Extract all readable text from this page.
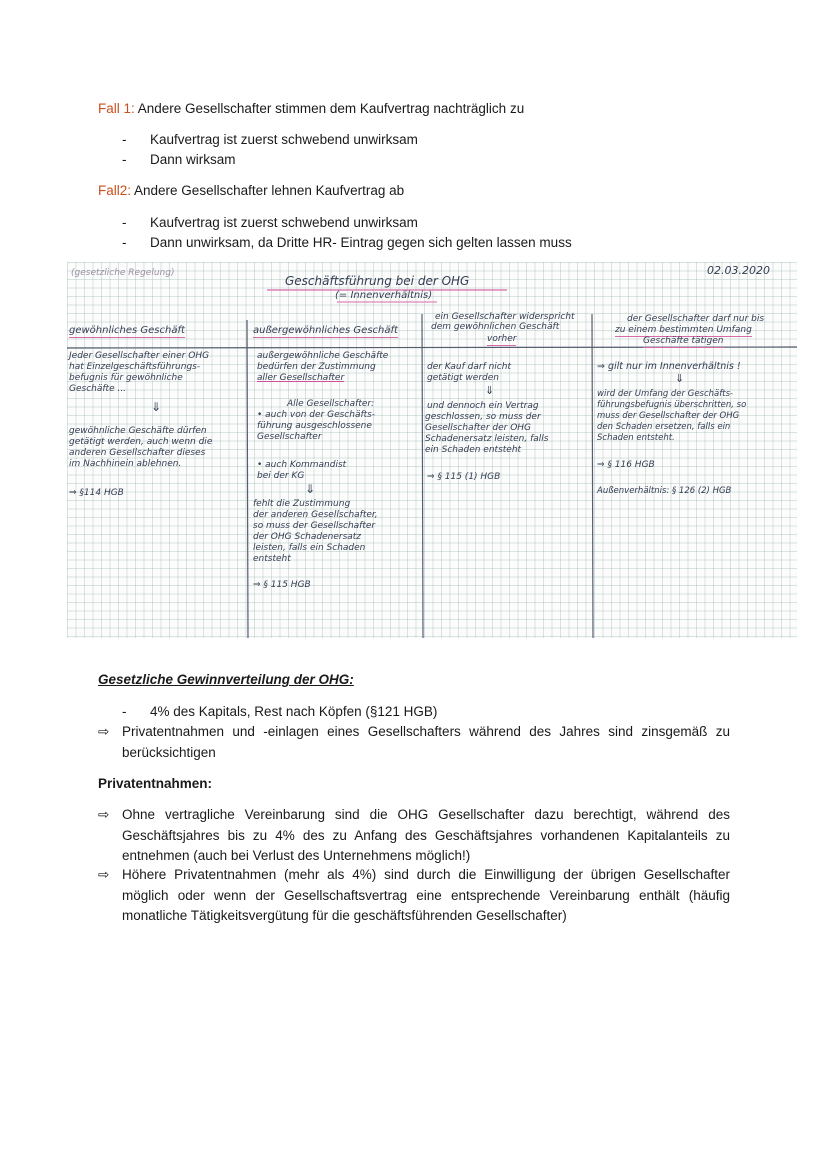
Fall 1: Andere Gesellschafter stimmen dem Kaufvertrag nachträglich zu
- Kaufvertrag ist zuerst schwebend unwirksam
- Dann wirksam
Fall2: Andere Gesellschafter lehnen Kaufvertrag ab
- Kaufvertrag ist zuerst schwebend unwirksam
- Dann unwirksam, da Dritte HR- Eintrag gegen sich gelten lassen muss
(gesetzliche Regelung)	02.03.2020
Geschäftsführung bei der OHG
(= Innenverhältnis)
gewöhnliches Geschäft	außergewöhnliches Geschäft
ein Gesellschafter widerspricht
dem gewöhnlichen Geschäft
vorher
der Gesellschafter darf nur bis
zu einem bestimmten Umfang
Geschäfte tätigen
Jeder Gesellschafter einer OHG
hat Einzelgeschäftsführungs-
befugnis für gewöhnliche
Geschäfte ...
⇓
gewöhnliche Geschäfte dürfen
getätigt werden, auch wenn die
anderen Gesellschafter dieses
im Nachhinein ablehnen.
⇒ §114 HGB
außergewöhnliche Geschäfte
bedürfen der Zustimmung
aller Gesellschafter
Alle Gesellschafter:
• auch von der Geschäfts-
führung ausgeschlossene
Gesellschafter
• auch Kommandist
bei der KG
⇓
fehlt die Zustimmung
der anderen Gesellschafter,
so muss der Gesellschafter
der OHG Schadenersatz
leisten, falls ein Schaden
entsteht
⇒ § 115 HGB
der Kauf darf nicht
getätigt werden
⇓
und dennoch ein Vertrag
geschlossen, so muss der
Gesellschafter der OHG
Schadenersatz leisten, falls
ein Schaden entsteht
⇒ § 115 (1) HGB
⇒ gilt nur im Innenverhältnis !
⇓
wird der Umfang der Geschäfts-
führungsbefugnis überschritten, so
muss der Gesellschafter der OHG
den Schaden ersetzen, falls ein
Schaden entsteht.
⇒ § 116 HGB
Außenverhältnis: § 126 (2) HGB
Gesetzliche Gewinnverteilung der OHG:
- 4% des Kapitals, Rest nach Köpfen (§121 HGB)
⇨ Privatentnahmen und -einlagen eines Gesellschafters während des Jahres sind zinsgemäß zu berücksichtigen
Privatentnahmen:
⇨ Ohne vertragliche Vereinbarung sind die OHG Gesellschafter dazu berechtigt, während des Geschäftsjahres bis zu 4% des zu Anfang des Geschäftsjahres vorhandenen Kapitalanteils zu entnehmen (auch bei Verlust des Unternehmens möglich!)
⇨ Höhere Privatentnahmen (mehr als 4%) sind durch die Einwilligung der übrigen Gesellschafter möglich oder wenn der Gesellschaftsvertrag eine entsprechende Vereinbarung enthält (häufig monatliche Tätigkeitsvergütung für die geschäftsführenden Gesellschafter)
